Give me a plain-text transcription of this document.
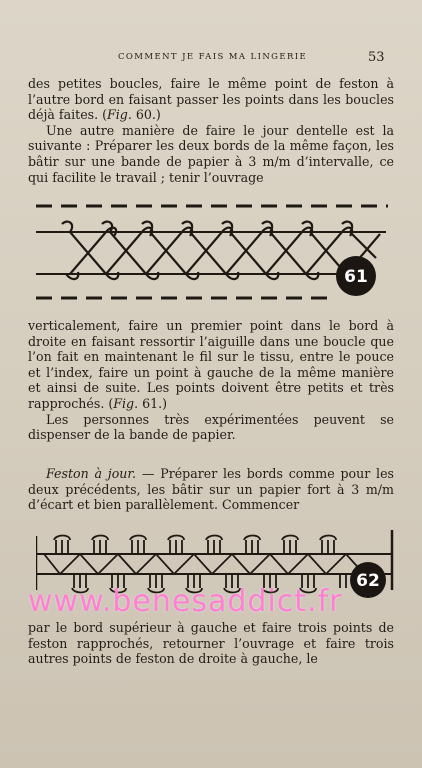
COMMENT JE FAIS MA LINGERIE	53

des petites boucles, faire le même point de feston à l’autre bord en faisant passer les points dans les boucles déjà faites. (Fig. 60.)

Une autre manière de faire le jour dentelle est la suivante : Préparer les deux bords de la même façon, les bâtir sur une bande de papier à 3 m/m d’intervalle, ce qui facilite le travail ; tenir l’ouvrage

61

verticalement, faire un premier point dans le bord à droite en faisant ressortir l’aiguille dans une boucle que l’on fait en maintenant le fil sur le tissu, entre le pouce et l’index, faire un point à gauche de la même manière et ainsi de suite. Les points doivent être petits et très rapprochés. (Fig. 61.)

Les personnes très expérimentées peuvent se dispenser de la bande de papier.

Feston à jour. — Préparer les bords comme pour les deux précédents, les bâtir sur un papier fort à 3 m/m d’écart et bien parallèlement. Commencer

62
www.benesaddict.fr

par le bord supérieur à gauche et faire trois points de feston rapprochés, retourner l’ouvrage et faire trois autres points de feston de droite à gauche, le
